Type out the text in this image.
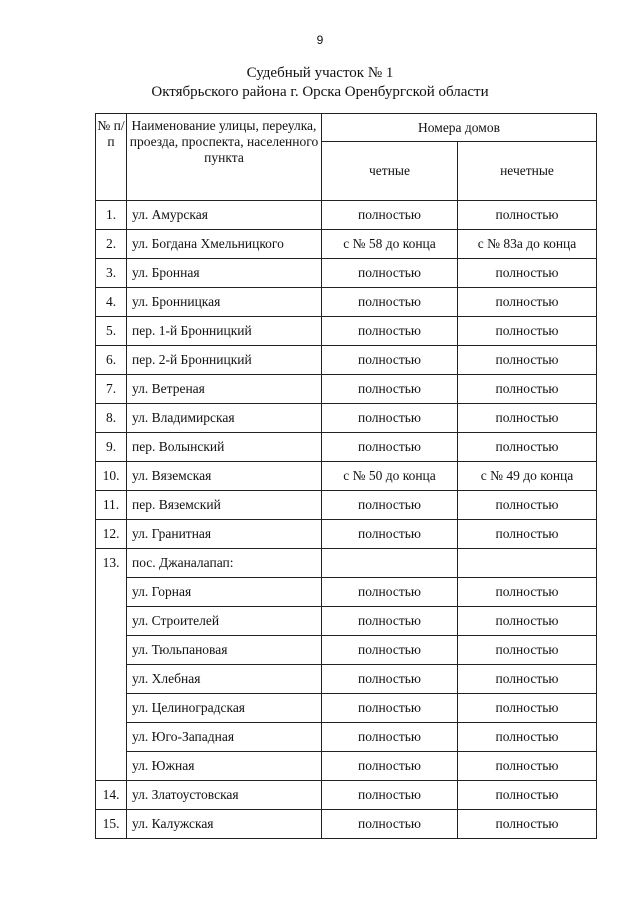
9
Судебный участок № 1
Октябрьского района г. Орска Оренбургской области
№ п/п	Наименование улицы, переулка, проезда, проспекта, населенного пункта	Номера домов	
		четные	нечетные
1.	ул. Амурская	полностью	полностью
2.	ул. Богдана Хмельницкого	с № 58 до конца	с № 83а до конца
3.	ул. Бронная	полностью	полностью
4.	ул. Бронницкая	полностью	полностью
5.	пер. 1-й Бронницкий	полностью	полностью
6.	пер. 2-й Бронницкий	полностью	полностью
7.	ул. Ветреная	полностью	полностью
8.	ул. Владимирская	полностью	полностью
9.	пер. Волынский	полностью	полностью
10.	ул. Вяземская	с № 50 до конца	с № 49 до конца
11.	пер. Вяземский	полностью	полностью
12.	ул. Гранитная	полностью	полностью
13.	пос. Джаналапап:		
	ул. Горная	полностью	полностью
	ул. Строителей	полностью	полностью
	ул. Тюльпановая	полностью	полностью
	ул. Хлебная	полностью	полностью
	ул. Целиноградская	полностью	полностью
	ул. Юго-Западная	полностью	полностью
	ул. Южная	полностью	полностью
14.	ул. Златоустовская	полностью	полностью
15.	ул. Калужская	полностью	полностью
